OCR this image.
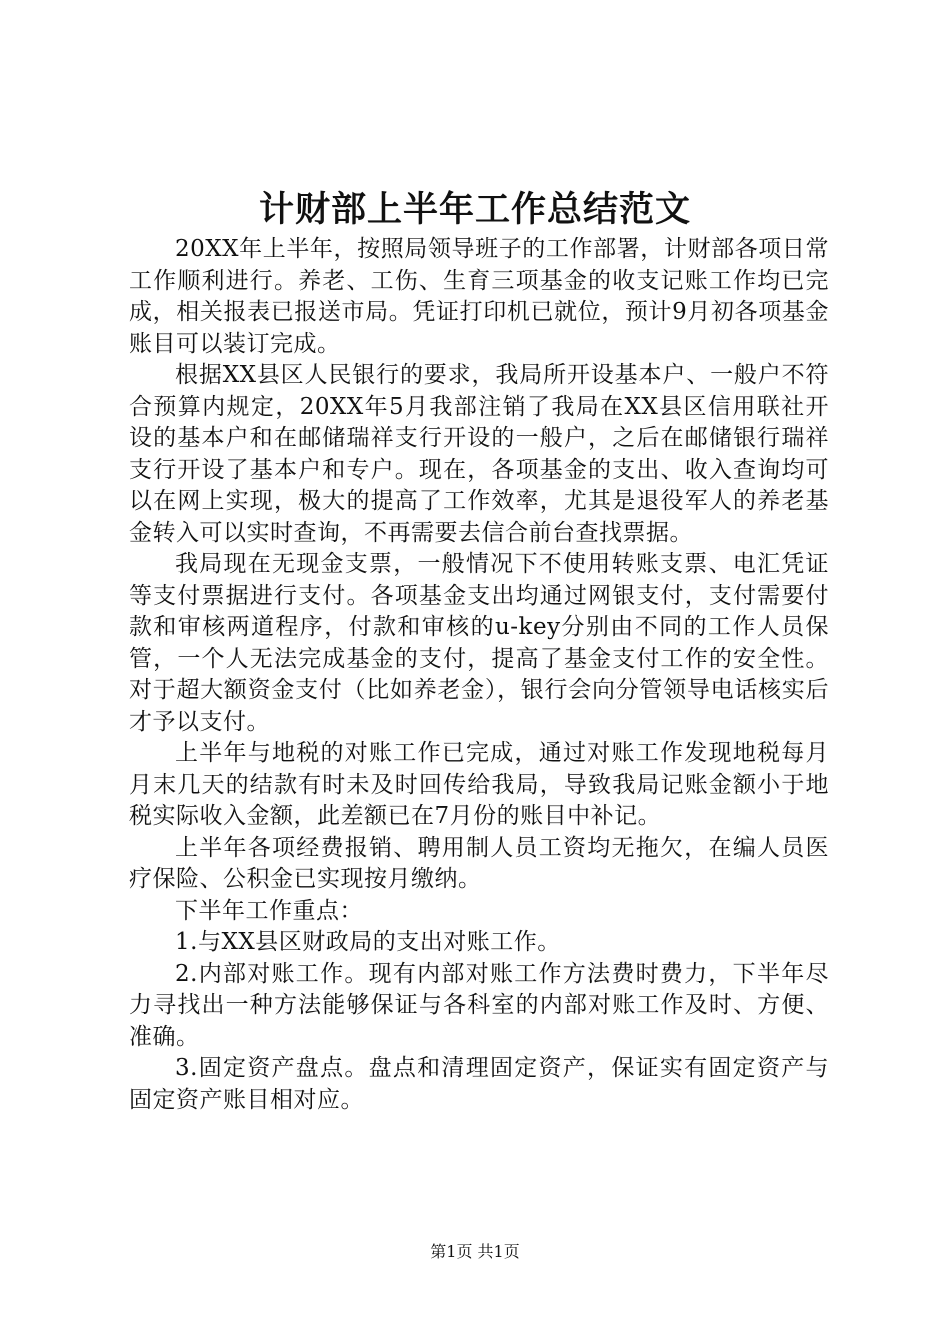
计财部上半年工作总结范文

20XX年上半年，按照局领导班子的工作部署，计财部各项日常工作顺利进行。养老、工伤、生育三项基金的收支记账工作均已完成，相关报表已报送市局。凭证打印机已就位，预计9月初各项基金账目可以装订完成。

根据XX县区人民银行的要求，我局所开设基本户、一般户不符合预算内规定，20XX年5月我部注销了我局在XX县区信用联社开设的基本户和在邮储瑞祥支行开设的一般户，之后在邮储银行瑞祥支行开设了基本户和专户。现在，各项基金的支出、收入查询均可以在网上实现，极大的提高了工作效率，尤其是退役军人的养老基金转入可以实时查询，不再需要去信合前台查找票据。

我局现在无现金支票，一般情况下不使用转账支票、电汇凭证等支付票据进行支付。各项基金支出均通过网银支付，支付需要付款和审核两道程序，付款和审核的u-key分别由不同的工作人员保管，一个人无法完成基金的支付，提高了基金支付工作的安全性。对于超大额资金支付（比如养老金），银行会向分管领导电话核实后才予以支付。

上半年与地税的对账工作已完成，通过对账工作发现地税每月月末几天的结款有时未及时回传给我局，导致我局记账金额小于地税实际收入金额，此差额已在7月份的账目中补记。

上半年各项经费报销、聘用制人员工资均无拖欠，在编人员医疗保险、公积金已实现按月缴纳。

下半年工作重点：

1.与XX县区财政局的支出对账工作。

2.内部对账工作。现有内部对账工作方法费时费力，下半年尽力寻找出一种方法能够保证与各科室的内部对账工作及时、方便、准确。

3.固定资产盘点。盘点和清理固定资产，保证实有固定资产与固定资产账目相对应。

第1页 共1页
